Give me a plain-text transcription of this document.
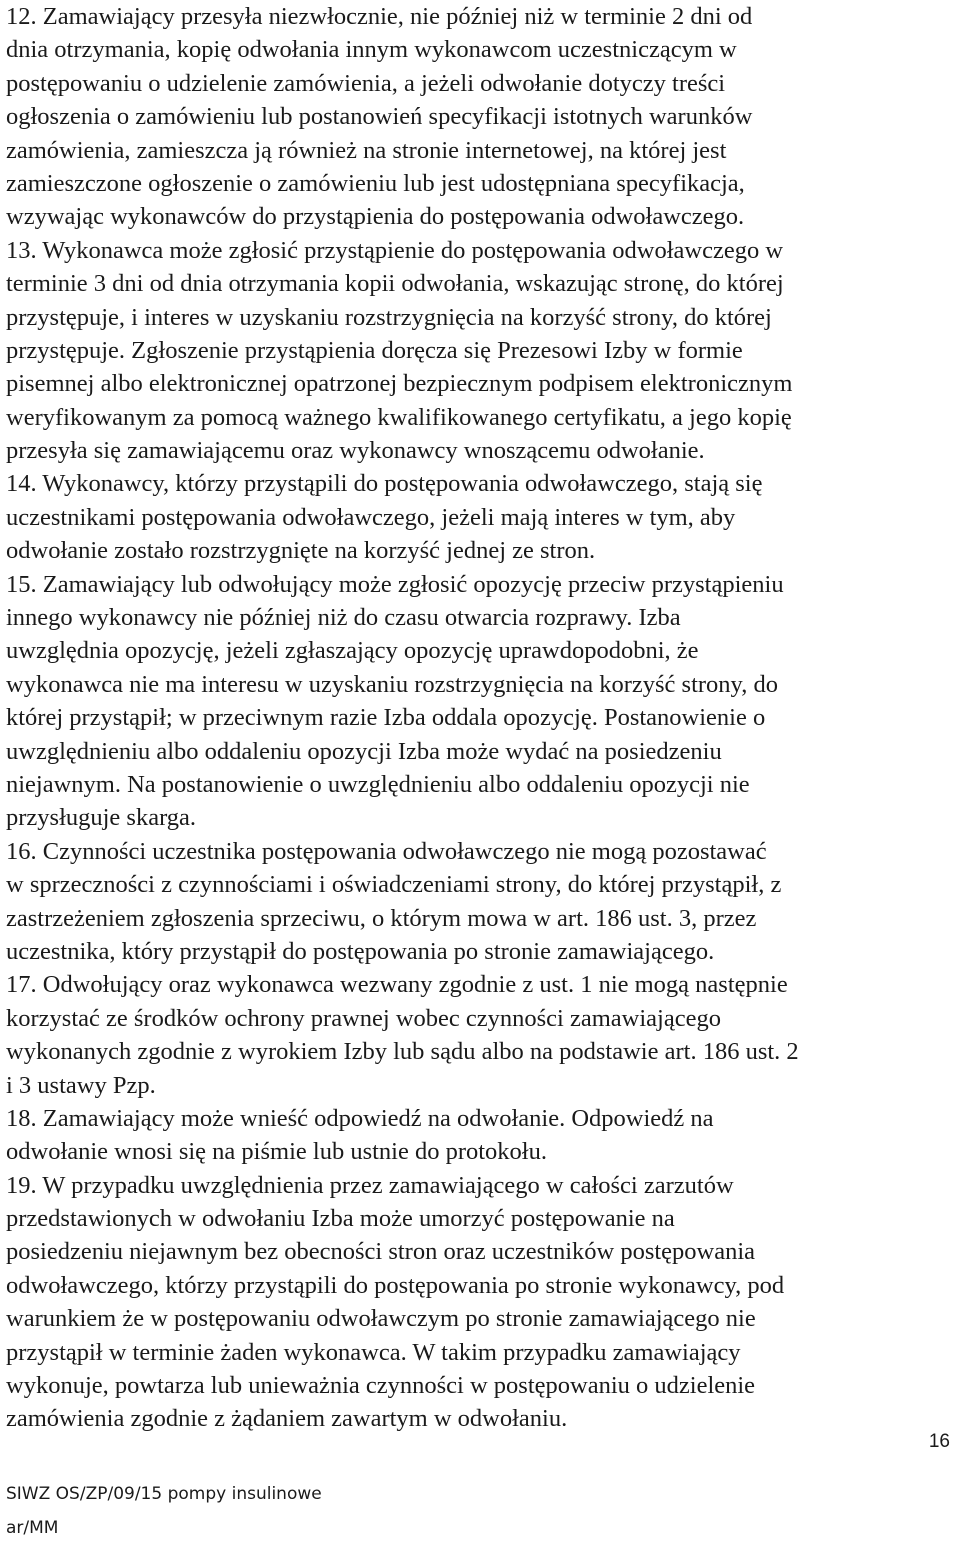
12. Zamawiający przesyła niezwłocznie, nie później niż w terminie 2 dni od
dnia otrzymania, kopię odwołania innym wykonawcom uczestniczącym w
postępowaniu o udzielenie zamówienia, a jeżeli odwołanie dotyczy treści
ogłoszenia o zamówieniu lub postanowień specyfikacji istotnych warunków
zamówienia, zamieszcza ją również na stronie internetowej, na której jest
zamieszczone ogłoszenie o zamówieniu lub jest udostępniana specyfikacja,
wzywając wykonawców do przystąpienia do postępowania odwoławczego.
13. Wykonawca może zgłosić przystąpienie do postępowania odwoławczego w
terminie 3 dni od dnia otrzymania kopii odwołania, wskazując stronę, do której
przystępuje, i interes w uzyskaniu rozstrzygnięcia na korzyść strony, do której
przystępuje. Zgłoszenie przystąpienia doręcza się Prezesowi Izby w formie
pisemnej albo elektronicznej opatrzonej bezpiecznym podpisem elektronicznym
weryfikowanym za pomocą ważnego kwalifikowanego certyfikatu, a jego kopię
przesyła się zamawiającemu oraz wykonawcy wnoszącemu odwołanie.
14. Wykonawcy, którzy przystąpili do postępowania odwoławczego, stają się
uczestnikami postępowania odwoławczego, jeżeli mają interes w tym, aby
odwołanie zostało rozstrzygnięte na korzyść jednej ze stron.
15. Zamawiający lub odwołujący może zgłosić opozycję przeciw przystąpieniu
innego wykonawcy nie później niż do czasu otwarcia rozprawy. Izba
uwzględnia opozycję, jeżeli zgłaszający opozycję uprawdopodobni, że
wykonawca nie ma interesu w uzyskaniu rozstrzygnięcia na korzyść strony, do
której przystąpił; w przeciwnym razie Izba oddala opozycję. Postanowienie o
uwzględnieniu albo oddaleniu opozycji Izba może wydać na posiedzeniu
niejawnym. Na postanowienie o uwzględnieniu albo oddaleniu opozycji nie
przysługuje skarga.
16. Czynności uczestnika postępowania odwoławczego nie mogą pozostawać
w sprzeczności z czynnościami i oświadczeniami strony, do której przystąpił, z
zastrzeżeniem zgłoszenia sprzeciwu, o którym mowa w art. 186 ust. 3, przez
uczestnika, który przystąpił do postępowania po stronie zamawiającego.
17. Odwołujący oraz wykonawca wezwany zgodnie z ust. 1 nie mogą następnie
korzystać ze środków ochrony prawnej wobec czynności zamawiającego
wykonanych zgodnie z wyrokiem Izby lub sądu albo na podstawie art. 186 ust. 2
i 3 ustawy Pzp.
18. Zamawiający może wnieść odpowiedź na odwołanie. Odpowiedź na
odwołanie wnosi się na piśmie lub ustnie do protokołu.
19. W przypadku uwzględnienia przez zamawiającego w całości zarzutów
przedstawionych w odwołaniu Izba może umorzyć postępowanie na
posiedzeniu niejawnym bez obecności stron oraz uczestników postępowania
odwoławczego, którzy przystąpili do postępowania po stronie wykonawcy, pod
warunkiem że w postępowaniu odwoławczym po stronie zamawiającego nie
przystąpił w terminie żaden wykonawca. W takim przypadku zamawiający
wykonuje, powtarza lub unieważnia czynności w postępowaniu o udzielenie
zamówienia zgodnie z żądaniem zawartym w odwołaniu.
16
SIWZ OS/ZP/09/15 pompy insulinowe
ar/MM
